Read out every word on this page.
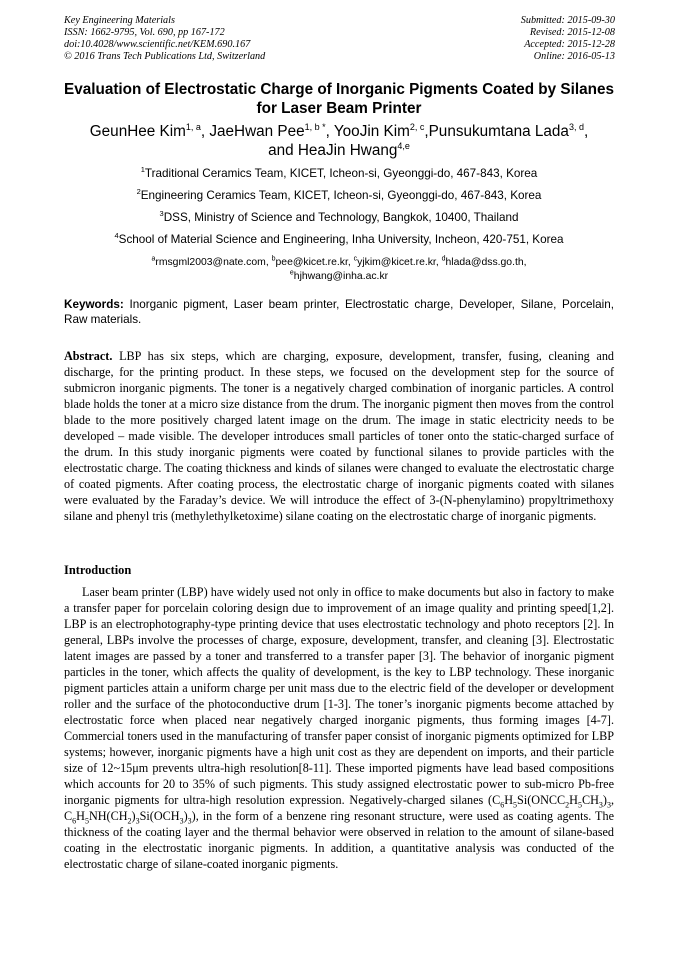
Key Engineering Materials
ISSN: 1662-9795, Vol. 690, pp 167-172
doi:10.4028/www.scientific.net/KEM.690.167
© 2016 Trans Tech Publications Ltd, Switzerland
Submitted: 2015-09-30
Revised: 2015-12-08
Accepted: 2015-12-28
Online: 2016-05-13
Evaluation of Electrostatic Charge of Inorganic Pigments Coated by Silanes for Laser Beam Printer
GeunHee Kim$^{1, a}$, JaeHwan Pee$^{1, b *}$, YooJin Kim$^{2, c}$,Punsukumtana Lada$^{3, d}$,
and HeaJin Hwang$^{4,e}$
$^1$Traditional Ceramics Team, KICET, Icheon-si, Gyeonggi-do, 467-843, Korea
$^2$Engineering Ceramics Team, KICET, Icheon-si, Gyeonggi-do, 467-843, Korea
$^3$DSS, Ministry of Science and Technology, Bangkok, 10400, Thailand
$^4$School of Material Science and Engineering, Inha University, Incheon, 420-751, Korea
$^a$rmsgml2003@nate.com, $^b$pee@kicet.re.kr, $^c$yjkim@kicet.re.kr, $^d$hlada@dss.go.th,
$^e$hjhwang@inha.ac.kr
Keywords: Inorganic pigment, Laser beam printer, Electrostatic charge, Developer, Silane, Porcelain, Raw materials.
Abstract. LBP has six steps, which are charging, exposure, development, transfer, fusing, cleaning and discharge, for the printing product. In these steps, we focused on the development step for the source of submicron inorganic pigments. The toner is a negatively charged combination of inorganic particles. A control blade holds the toner at a micro size distance from the drum. The inorganic pigment then moves from the control blade to the more positively charged latent image on the drum. The image in static electricity needs to be developed – made visible. The developer introduces small particles of toner onto the static-charged surface of the drum. In this study inorganic pigments were coated by functional silanes to provide particles with the electrostatic charge. The coating thickness and kinds of silanes were changed to evaluate the electrostatic charge of coated pigments. After coating process, the electrostatic charge of inorganic pigments coated with silanes were evaluated by the Faraday’s device. We will introduce the effect of 3-(N-phenylamino) propyltrimethoxy silane and phenyl tris (methylethylketoxime) silane coating on the electrostatic charge of inorganic pigments.
Introduction
Laser beam printer (LBP) have widely used not only in office to make documents but also in factory to make a transfer paper for porcelain coloring design due to improvement of an image quality and printing speed[1,2]. LBP is an electrophotography-type printing device that uses electrostatic technology and photo receptors [2]. In general, LBPs involve the processes of charge, exposure, development, transfer, and cleaning [3]. Electrostatic latent images are passed by a toner and transferred to a transfer paper [3]. The behavior of inorganic pigment particles in the toner, which affects the quality of development, is the key to LBP technology. These inorganic pigment particles attain a uniform charge per unit mass due to the electric field of the developer or development roller and the surface of the photoconductive drum [1-3]. The toner’s inorganic pigments become attached by electrostatic force when placed near negatively charged inorganic pigments, thus forming images [4-7]. Commercial toners used in the manufacturing of transfer paper consist of inorganic pigments optimized for LBP systems; however, inorganic pigments have a high unit cost as they are dependent on imports, and their particle size of 12~15μm prevents ultra-high resolution[8-11]. These imported pigments have lead based compositions which accounts for 20 to 35% of such pigments. This study assigned electrostatic power to sub-micro Pb-free inorganic pigments for ultra-high resolution expression. Negatively-charged silanes ($C_6H_5Si(ONCC_2H_5CH_3)_3$, $C_6H_5NH(CH_2)_3Si(OCH_3)_3$), in the form of a benzene ring resonant structure, were used as coating agents. The thickness of the coating layer and the thermal behavior were observed in relation to the amount of silane-based coating in the electrostatic inorganic pigments. In addition, a quantitative analysis was conducted of the electrostatic charge of silane-coated inorganic pigments.
